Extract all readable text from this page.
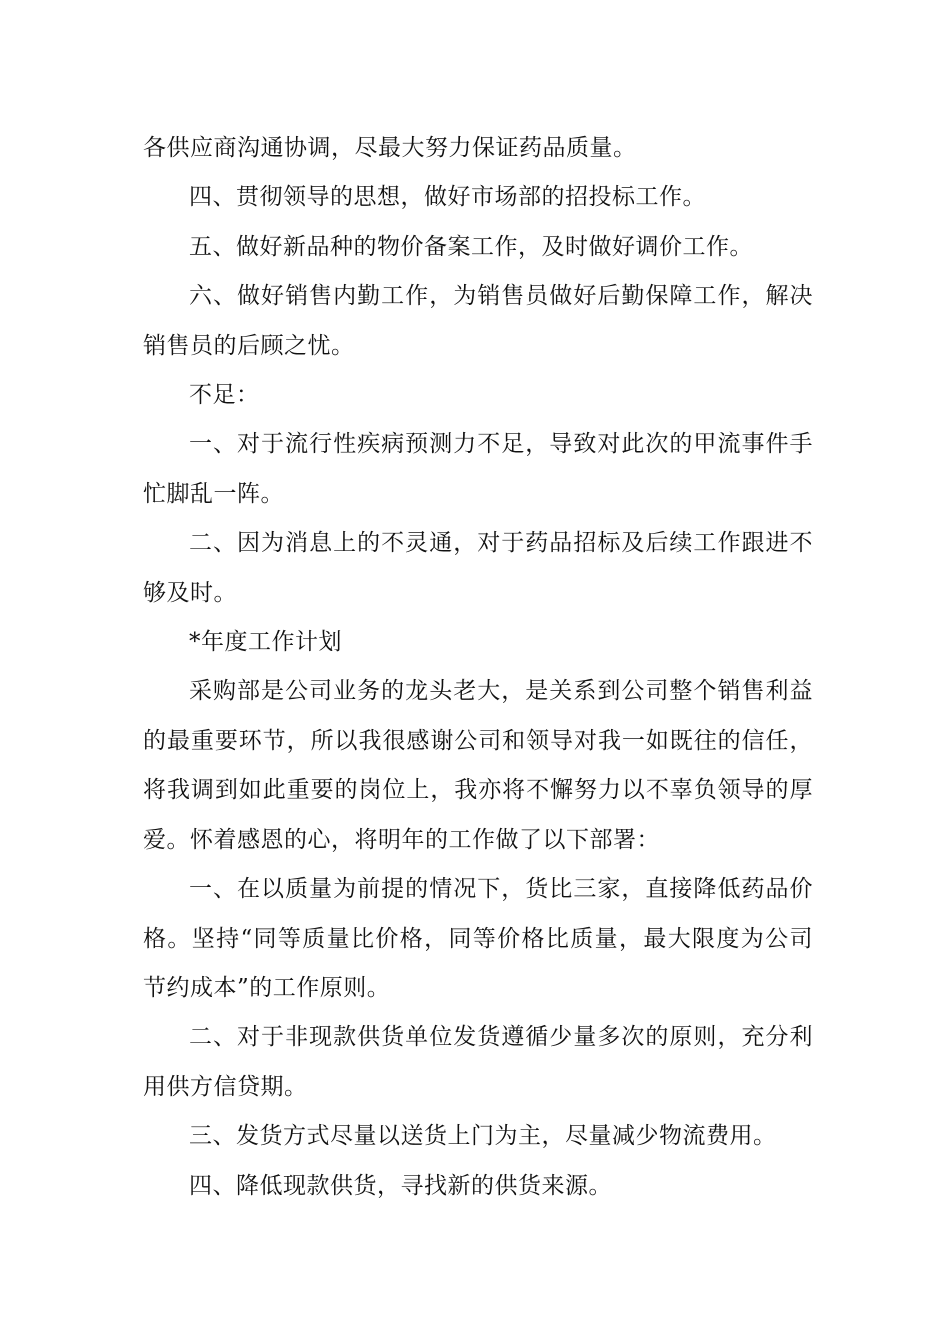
各供应商沟通协调，尽最大努力保证药品质量。

四、贯彻领导的思想，做好市场部的招投标工作。

五、做好新品种的物价备案工作，及时做好调价工作。

六、做好销售内勤工作，为销售员做好后勤保障工作，解决销售员的后顾之忧。

不足：

一、对于流行性疾病预测力不足，导致对此次的甲流事件手忙脚乱一阵。

二、因为消息上的不灵通，对于药品招标及后续工作跟进不够及时。

*年度工作计划

采购部是公司业务的龙头老大，是关系到公司整个销售利益的最重要环节，所以我很感谢公司和领导对我一如既往的信任，将我调到如此重要的岗位上，我亦将不懈努力以不辜负领导的厚爱。怀着感恩的心，将明年的工作做了以下部署：

一、在以质量为前提的情况下，货比三家，直接降低药品价格。坚持“同等质量比价格，同等价格比质量，最大限度为公司节约成本”的工作原则。

二、对于非现款供货单位发货遵循少量多次的原则，充分利用供方信贷期。

三、发货方式尽量以送货上门为主，尽量减少物流费用。

四、降低现款供货，寻找新的供货来源。
